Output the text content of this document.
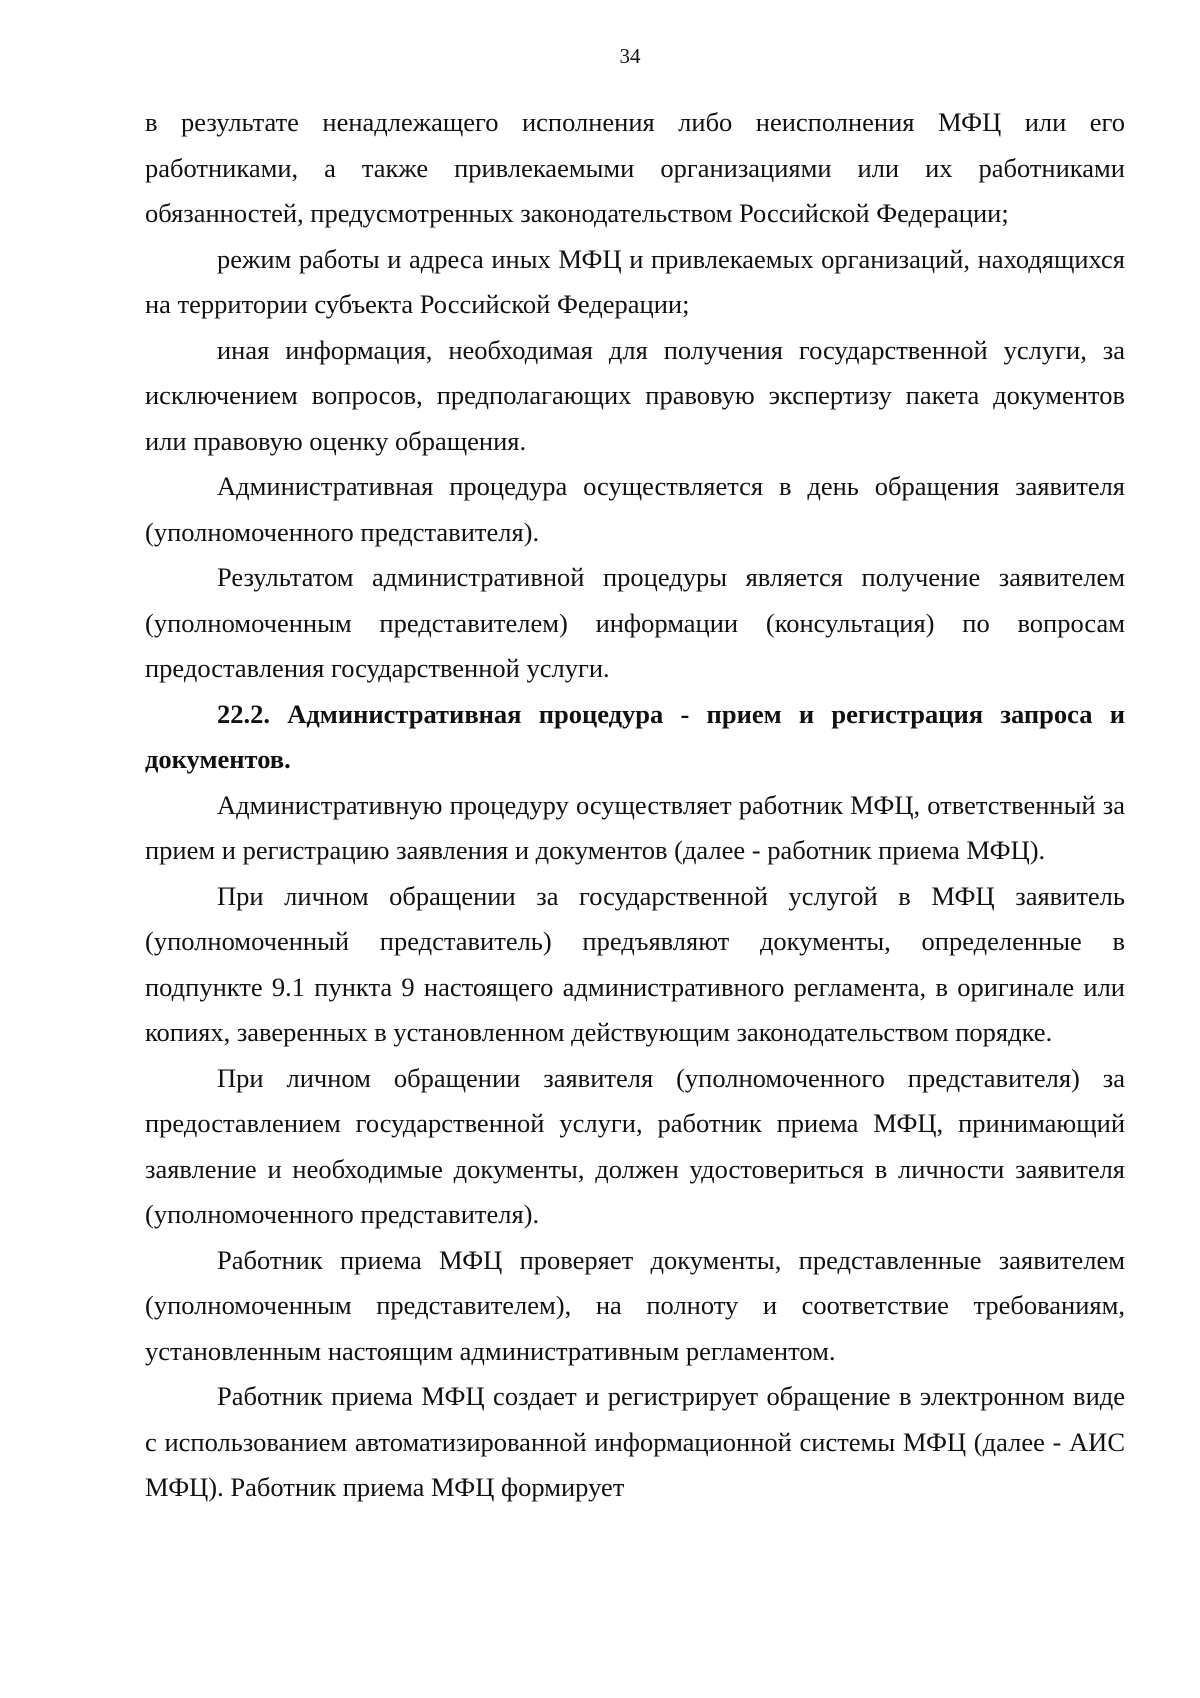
34

в результате ненадлежащего исполнения либо неисполнения МФЦ или его работниками, а также привлекаемыми организациями или их работниками обязанностей, предусмотренных законодательством Российской Федерации;

режим работы и адреса иных МФЦ и привлекаемых организаций, находящихся на территории субъекта Российской Федерации;

иная информация, необходимая для получения государственной услуги, за исключением вопросов, предполагающих правовую экспертизу пакета документов или правовую оценку обращения.

Административная процедура осуществляется в день обращения заявителя (уполномоченного представителя).

Результатом административной процедуры является получение заявителем (уполномоченным представителем) информации (консультация) по вопросам предоставления государственной услуги.

22.2. Административная процедура - прием и регистрация запроса и документов.

Административную процедуру осуществляет работник МФЦ, ответственный за прием и регистрацию заявления и документов (далее - работник приема МФЦ).

При личном обращении за государственной услугой в МФЦ заявитель (уполномоченный представитель) предъявляют документы, определенные в подпункте 9.1 пункта 9 настоящего административного регламента, в оригинале или копиях, заверенных в установленном действующим законодательством порядке.

При личном обращении заявителя (уполномоченного представителя) за предоставлением государственной услуги, работник приема МФЦ, принимающий заявление и необходимые документы, должен удостовериться в личности заявителя (уполномоченного представителя).

Работник приема МФЦ проверяет документы, представленные заявителем (уполномоченным представителем), на полноту и соответствие требованиям, установленным настоящим административным регламентом.

Работник приема МФЦ создает и регистрирует обращение в электронном виде с использованием автоматизированной информационной системы МФЦ (далее - АИС МФЦ). Работник приема МФЦ формирует
